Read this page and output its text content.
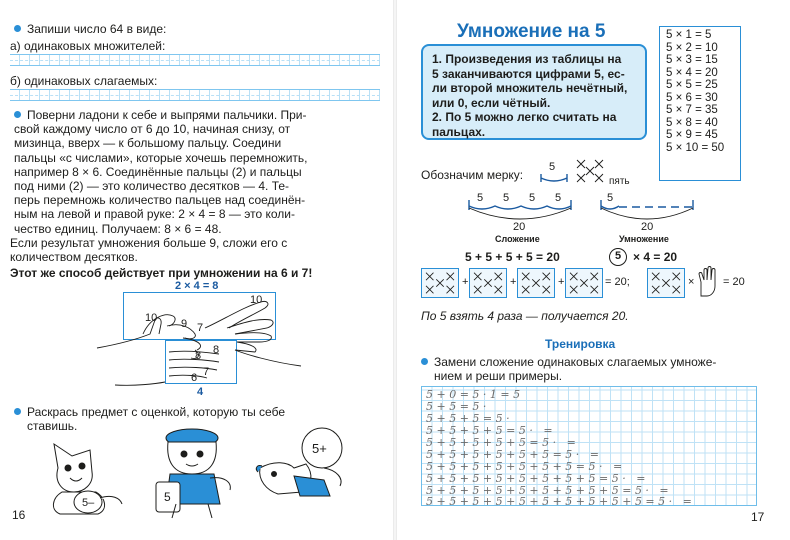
Запиши число 64 в виде:
а) одинаковых множителей:
б) одинаковых слагаемых:
Поверни ладони к себе и выпрями пальчики. При-
свой каждому число от 6 до 10, начиная снизу, от
мизинца, вверх — к большому пальцу. Соедини
пальцы «с числами», которые хочешь перемножить,
например 8 × 6. Соединённые пальцы (2) и пальцы
под ними (2) — это количество десятков — 4. Те-
перь перемножь количество пальцев над соединён-
ным на левой и правой руке: 2 × 4 = 8 — это коли-
чество единиц. Получаем: 8 × 6 = 48.
Если результат умножения больше 9, сложи его с
количеством десятков.
Этот же способ действует при умножении на 6 и 7!
2 × 4 = 8
10
10
9 7
8 8
7
6
4
Раскрась предмет с оценкой, которую ты себе
ставишь.
5–	5
5+
16
Умножение на 5
1. Произведения из таблицы на
5 заканчиваются цифрами 5, ес-
ли второй множитель нечётный,
или 0, если чётный.
2. По 5 можно легко считать на
пальцах.
5 × 1 = 5
5 × 2 = 10
5 × 3 = 15
5 × 4 = 20
5 × 5 = 25
5 × 6 = 30
5 × 7 = 35
5 × 8 = 40
5 × 9 = 45
5 × 10 = 50
Обозначим мерку:
5
пять
5 5 5 5
20
Сложение
5
20
Умножение
5 + 5 + 5 + 5 = 20	5 × 4 = 20
+	+	+	= 20;	×	= 20
По 5 взять 4 раза — получается 20.
Тренировка
Замени сложение одинаковых слагаемых умноже-
нием и реши примеры.
5+0=5·1=5
5+5=5·
5+5+5=5·
5+5+5+5=5· =
5+5+5+5+5=5· =
5+5+5+5+5+5=5· =
5+5+5+5+5+5+5=5· =
5+5+5+5+5+5+5+5=5· =
5+5+5+5+5+5+5+5+5=5· =
5+5+5+5+5+5+5+5+5+5=5· =
17
